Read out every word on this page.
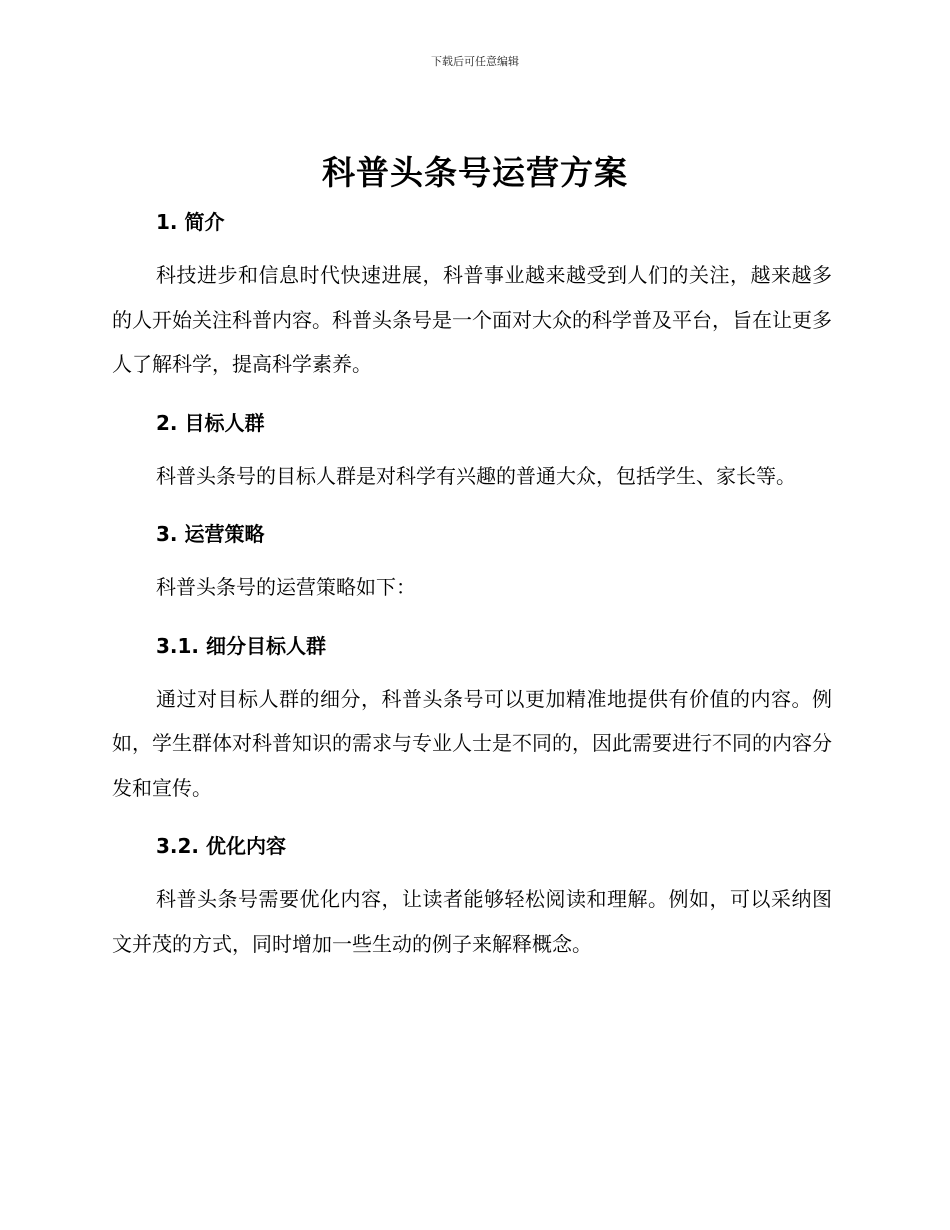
下载后可任意编辑
科普头条号运营方案
1. 简介

科技进步和信息时代快速进展，科普事业越来越受到人们的关注，越来越多的人开始关注科普内容。科普头条号是一个面对大众的科学普及平台，旨在让更多人了解科学，提高科学素养。

2. 目标人群

科普头条号的目标人群是对科学有兴趣的普通大众，包括学生、家长等。

3. 运营策略

科普头条号的运营策略如下：

3.1. 细分目标人群

通过对目标人群的细分，科普头条号可以更加精准地提供有价值的内容。例如，学生群体对科普知识的需求与专业人士是不同的，因此需要进行不同的内容分发和宣传。

3.2. 优化内容

科普头条号需要优化内容，让读者能够轻松阅读和理解。例如，可以采纳图文并茂的方式，同时增加一些生动的例子来解释概念。
